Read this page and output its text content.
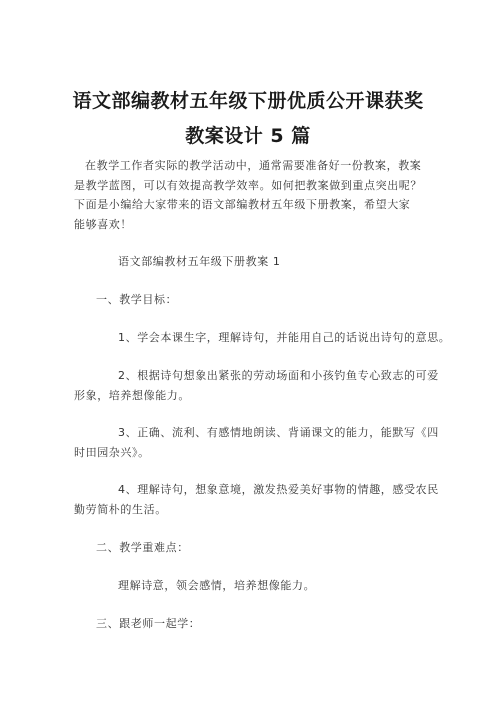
语文部编教材五年级下册优质公开课获奖
教案设计 5 篇
在教学工作者实际的教学活动中，通常需要准备好一份教案，教案
是教学蓝图，可以有效提高教学效率。如何把教案做到重点突出呢？
下面是小编给大家带来的语文部编教材五年级下册教案，希望大家
能够喜欢！
语文部编教材五年级下册教案 1
一、教学目标：
1、学会本课生字，理解诗句，并能用自己的话说出诗句的意思。
2、根据诗句想象出紧张的劳动场面和小孩钓鱼专心致志的可爱
形象，培养想像能力。
3、正确、流利、有感情地朗读、背诵课文的能力，能默写《四
时田园杂兴》。
4、理解诗句，想象意境，激发热爱美好事物的情趣，感受农民
勤劳简朴的生活。
二、教学重难点：
理解诗意，领会感情，培养想像能力。
三、跟老师一起学：
